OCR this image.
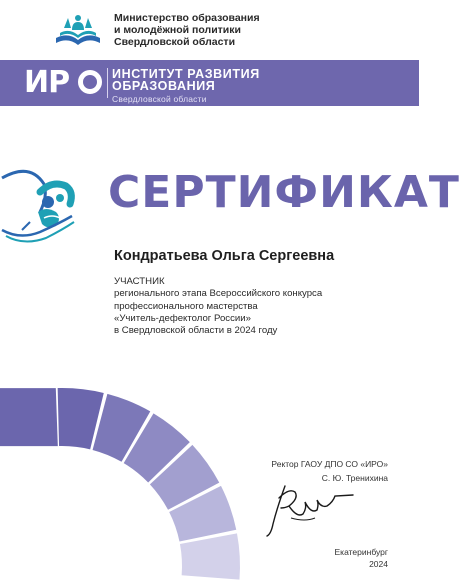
Министерство образования
и молодёжной политики
Свердловской области
ИР	ИНСТИТУТ РАЗВИТИЯ
ОБРАЗОВАНИЯ
Свердловской области
СЕРТИФИКАТ
Кондратьева Ольга Сергеевна
УЧАСТНИК
регионального этапа Всероссийского конкурса
профессионального мастерства
«Учитель-дефектолог России»
в Свердловской области в 2024 году
Ректор ГАОУ ДПО СО «ИРО»
С. Ю. Тренихина
Екатеринбург
2024
